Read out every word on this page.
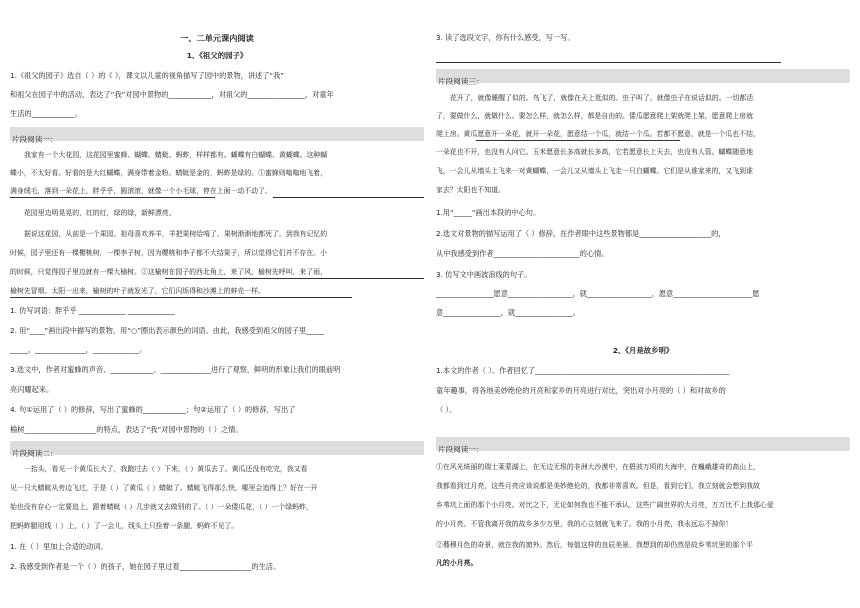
一、二单元课内阅读
1、《祖父的园子》
1.《祖父的园子》选自（ ）的《 》，课文以儿童的视角描写了园中的景物，讲述了“我”
和祖父在园子中的活动，表达了“我”对园中景物的____________，对祖父的________________，对童年
生活的____________。
片段阅读一：
我家有一个大花园，这花园里蜜蜂、蝴蝶、蜻蜓、蚂蚱，样样都有。蝴蝶有白蝴蝶、黄蝴蝶。这种蝴
蝶小，不太好看。好看的是大红蝴蝶，满身带着金粉。蜻蜓是金的，蚂蚱是绿的。①蜜蜂则嗡嗡地飞着，
满身绒毛，落到一朵花上，胖乎乎，圆滚滚，就像一个小毛球，停在上面一动不动了。
花园里边明晃晃的，红的红，绿的绿，新鲜漂亮。
据说这花园，从前是一个果园。祖母喜欢养羊，羊把果树给啃了，果树渐渐地都死了。到我有记忆的
时候，园子里还有一棵樱桃树，一棵李子树，因为樱桃和李子都不大结果子，所以觉得它们并不存在。小
的时候，只觉得园子里边就有一棵大榆树。②这榆树在园子的西北角上，来了风，榆树先呼叫，来了雨，
榆树先冒烟。太阳一出来，榆树的叶子就发光了，它们闪烁得和沙滩上的蚌壳一样。
1. 仿写词语：胖乎乎 _____________ _____________
2. 用“____”画出段中描写的景物，用“○”圈出表示颜色的词语。由此，我感受到祖父的园子里_____
_____，______________，_____________。
3.选文中，作者对蜜蜂的声音、____________、______________进行了观察，鲜明的形象让我们的眼前明
亮闪耀起来。
4. 句①运用了（ ）的修辞，写出了蜜蜂的____________；句②运用了（ ）的修辞，写出了
榆树____________________的特点，表达了“我”对园中景物的（ ）之情。
片段阅读二：
一抬头，看见一个黄瓜长大了，我跑过去（ ）下来，（ ）黄瓜去了。黄瓜还没有吃完，我又看
见一只大蜻蜓从旁边飞过，于是（ ）了黄瓜（ ）蜻蜓了。蜻蜓飞得那么快，哪里会追得上？好在一开
始也没有存心一定要追上，跟着蜻蜓（ ）几步就又去做别的了。（ ）一朵倭瓜花，（ ）一个绿蚂蚱，
把蚂蚱腿用线（ ）上，（ ）了一会儿，线头上只拴着一条腿，蚂蚱不见了。
1. 在（ ）里加上合适的动词。
2. 我感受到作者是一个（ ）的孩子，她在园子里过着____________________的生活。
3. 读了选段文字，你有什么感受，写一写。
片段阅读三：
花开了，就像睡醒了似的。鸟飞了，就像在天上逛似的。虫子叫了，就像虫子在说话似的。一切都活
了，要做什么，就做什么。要怎么样，就怎么样，都是自由的。倭瓜愿意爬上架就爬上架，愿意爬上房就
爬上房。黄瓜愿意开一朵花，就开一朵花，愿意结一个瓜，就结一个瓜。若都不愿意，就是一个瓜也不结，
一朵花也不开，也没有人问它。玉米愿意长多高就长多高，它若愿意长上天去，也没有人管。蝴蝶随意地
飞，一会儿从墙头上飞来一对黄蝴蝶，一会儿又从墙头上飞走一只白蝴蝶。它们是从谁家来的，又飞到谁
家去？太阳也不知道。
1.用“_____”画出本段的中心句。
2.选文对景物的描写运用了（ ）修辞，在作者眼中这些景物都是____________________的，
从中我感受到作者________________________的心情。
3. 仿写文中画波浪线的句子。
________________愿意__________________，就__________________，愿意______________________愿
意________________，就________________。
2、《月是故乡明》
1.本文的作者（ ）。作者回忆了______________________________________________________
童年趣事，将各地美妙绝伦的月亮和家乡的月亮进行对比，突出对小月亮的（ ）和对故乡的
（ ）。
片段阅读一：
①在风光绮丽的瑞士莱蒙湖上，在无边无垠的非洲大沙漠中，在碧波万顷的大海中，在巍峨雄奇的高山上，
我都看到过月亮，这些月亮应该说都是美妙绝伦的，我都非常喜欢。但是，看到它们，我立刻就会想到我故
乡苇坑上面的那个小月亮。对比之下，无论如何我也不能不承认，这些广阔世界的大月亮，万万比不上我那心爱
的小月亮。不管我离开我的故乡多少万里，我的心立刻就飞来了。我的小月亮，我永远忘不掉你！
②蓦穆月色的奇景，就在我的窗外。然后，每值这样的良辰美景，我想到的却仍然是故乡苇坑里的那个平
凡的小月亮。
